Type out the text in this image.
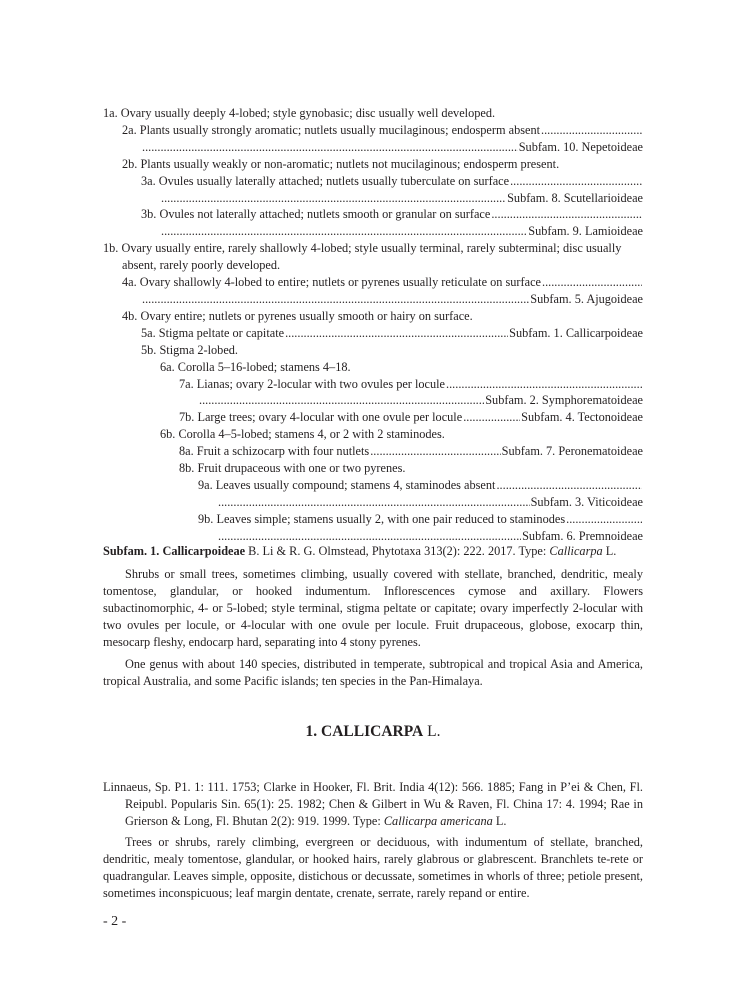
1a. Ovary usually deeply 4-lobed; style gynobasic; disc usually well developed.
2a. Plants usually strongly aromatic; nutlets usually mucilaginous; endosperm absent
.....
.....
Subfam. 10. Nepetoideae
2b. Plants usually weakly or non-aromatic; nutlets not mucilaginous; endosperm present.
3a. Ovules usually laterally attached; nutlets usually tuberculate on surface
.....
.....
Subfam. 8. Scutellarioideae
3b. Ovules not laterally attached; nutlets smooth or granular on surface
.....
.....
Subfam. 9. Lamioideae
1b. Ovary usually entire, rarely shallowly 4-lobed; style usually terminal, rarely subterminal; disc usually absent, rarely poorly developed.
4a. Ovary shallowly 4-lobed to entire; nutlets or pyrenes usually reticulate on surface
.....
.....
Subfam. 5. Ajugoideae
4b. Ovary entire; nutlets or pyrenes usually smooth or hairy on surface.
5a. Stigma peltate or capitate .....	Subfam. 1. Callicarpoideae
5b. Stigma 2-lobed.
6a. Corolla 5–16-lobed; stamens 4–18.
7a. Lianas; ovary 2-locular with two ovules per locule
.....
.....
Subfam. 2. Symphorematoideae
7b. Large trees; ovary 4-locular with one ovule per locule .....	Subfam. 4. Tectonoideae
6b. Corolla 4–5-lobed; stamens 4, or 2 with 2 staminodes.
8a. Fruit a schizocarp with four nutlets .....	Subfam. 7. Peronematoideae
8b. Fruit drupaceous with one or two pyrenes.
9a. Leaves usually compound; stamens 4, staminodes absent
.....
.....
Subfam. 3. Viticoideae
9b. Leaves simple; stamens usually 2, with one pair reduced to staminodes
.....
.....
Subfam. 6. Premnoideae

Subfam. 1. Callicarpoideae B. Li & R. G. Olmstead, Phytotaxa 313(2): 222. 2017. Type: Callicarpa L.

Shrubs or small trees, sometimes climbing, usually covered with stellate, branched, dendritic, mealy tomentose, glandular, or hooked indumentum. Inflorescences cymose and axillary. Flowers subactinomorphic, 4- or 5-lobed; style terminal, stigma peltate or capitate; ovary imperfectly 2-locular with two ovules per locule, or 4-locular with one ovule per locule. Fruit drupaceous, globose, exocarp thin, mesocarp fleshy, endocarp hard, separating into 4 stony pyrenes.

One genus with about 140 species, distributed in temperate, subtropical and tropical Asia and America, tropical Australia, and some Pacific islands; ten species in the Pan-Himalaya.

1. CALLICARPA L.

Linnaeus, Sp. P1. 1: 111. 1753; Clarke in Hooker, Fl. Brit. India 4(12): 566. 1885; Fang in P’ei & Chen, Fl. Reipubl. Popularis Sin. 65(1): 25. 1982; Chen & Gilbert in Wu & Raven, Fl. China 17: 4. 1994; Rae in Grierson & Long, Fl. Bhutan 2(2): 919. 1999. Type: Callicarpa americana L.

Trees or shrubs, rarely climbing, evergreen or deciduous, with indumentum of stellate, branched, dendritic, mealy tomentose, glandular, or hooked hairs, rarely glabrous or glabrescent. Branchlets te-rete or quadrangular. Leaves simple, opposite, distichous or decussate, sometimes in whorls of three; petiole present, sometimes inconspicuous; leaf margin dentate, crenate, serrate, rarely repand or entire.

- 2 -
